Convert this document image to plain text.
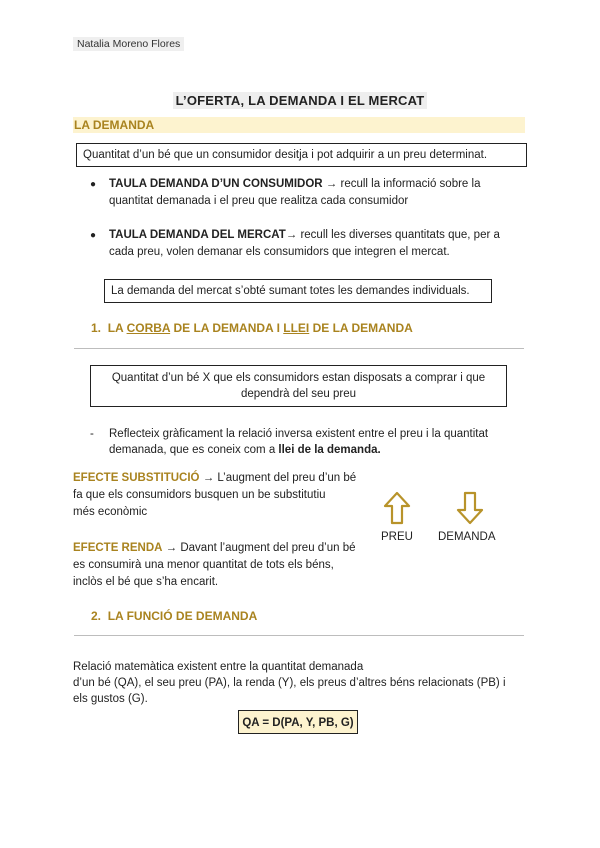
Natalia Moreno Flores
L’OFERTA, LA DEMANDA I EL MERCAT
LA DEMANDA
Quantitat d’un bé que un consumidor desitja i pot adquirir a un preu determinat.
● TAULA DEMANDA D’UN CONSUMIDOR → recull la informació sobre la
quantitat demanada i el preu que realitza cada consumidor
● TAULA DEMANDA DEL MERCAT→ recull les diverses quantitats que, per a
cada preu, volen demanar els consumidors que integren el mercat.
La demanda del mercat s’obté sumant totes les demandes individuals.
1. LA CORBA DE LA DEMANDA I LLEI DE LA DEMANDA
Quantitat d’un bé X que els consumidors estan disposats a comprar i que
dependrà del seu preu
- Reflecteix gràficament la relació inversa existent entre el preu i la quantitat
demanada, que es coneix com a llei de la demanda.
EFECTE SUBSTITUCIÓ → L’augment del preu d’un bé
fa que els consumidors busquen un be substitutiu
més econòmic
EFECTE RENDA → Davant l’augment del preu d’un bé
es consumirà una menor quantitat de tots els béns,
inclòs el bé que s’ha encarit.
PREU DEMANDA
2. LA FUNCIÓ DE DEMANDA
Relació matemàtica existent entre la quantitat demanada
d’un bé (QA), el seu preu (PA), la renda (Y), els preus d’altres béns relacionats (PB) i
els gustos (G).
QA = D(PA, Y, PB, G)
